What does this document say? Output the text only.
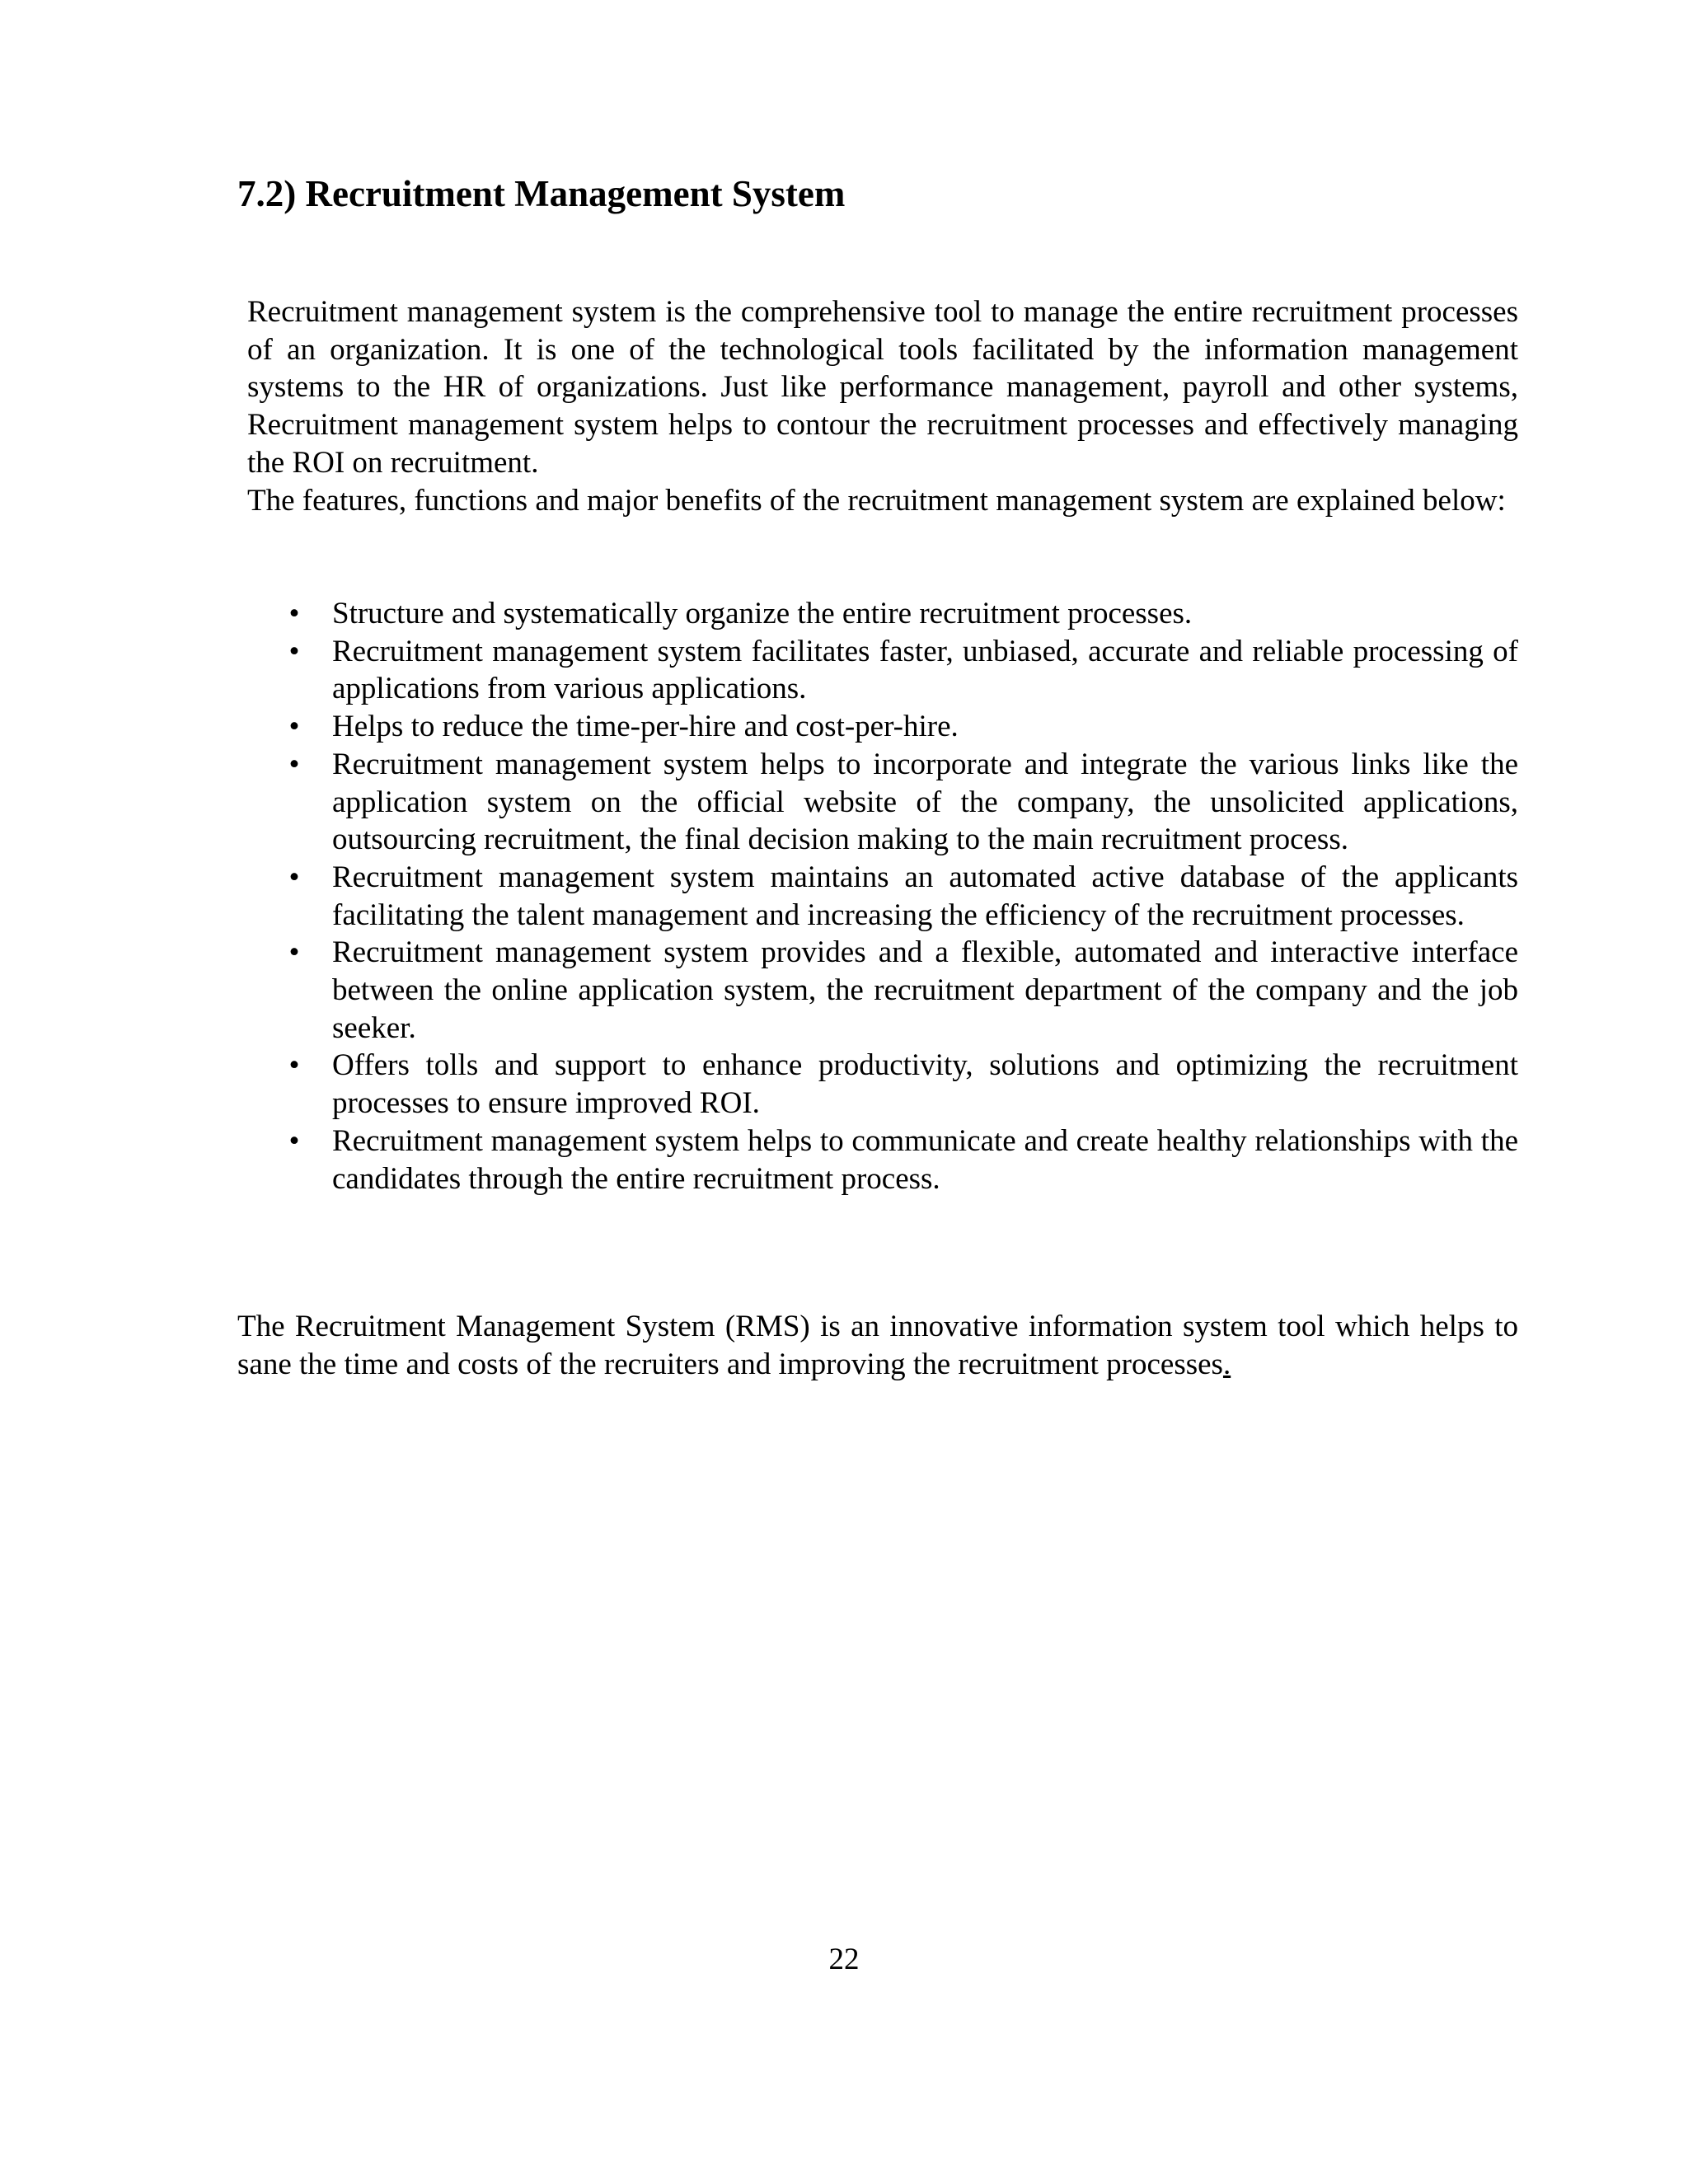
7.2) Recruitment Management System

Recruitment management system is the comprehensive tool to manage the entire recruitment processes of an organization. It is one of the technological tools facilitated by the information management systems to the HR of organizations. Just like performance management, payroll and other systems, Recruitment management system helps to contour the recruitment processes and effectively managing the ROI on recruitment.

The features, functions and major benefits of the recruitment management system are explained below:

• Structure and systematically organize the entire recruitment processes.
• Recruitment management system facilitates faster, unbiased, accurate and reliable processing of applications from various applications.
• Helps to reduce the time-per-hire and cost-per-hire.
• Recruitment management system helps to incorporate and integrate the various links like the application system on the official website of the company, the unsolicited applications, outsourcing recruitment, the final decision making to the main recruitment process.
• Recruitment management system maintains an automated active database of the applicants facilitating the talent management and increasing the efficiency of the recruitment processes.
• Recruitment management system provides and a flexible, automated and interactive interface between the online application system, the recruitment department of the company and the job seeker.
• Offers tolls and support to enhance productivity, solutions and optimizing the recruitment processes to ensure improved ROI.
• Recruitment management system helps to communicate and create healthy relationships with the candidates through the entire recruitment process.

The Recruitment Management System (RMS) is an innovative information system tool which helps to sane the time and costs of the recruiters and improving the recruitment processes.

22
